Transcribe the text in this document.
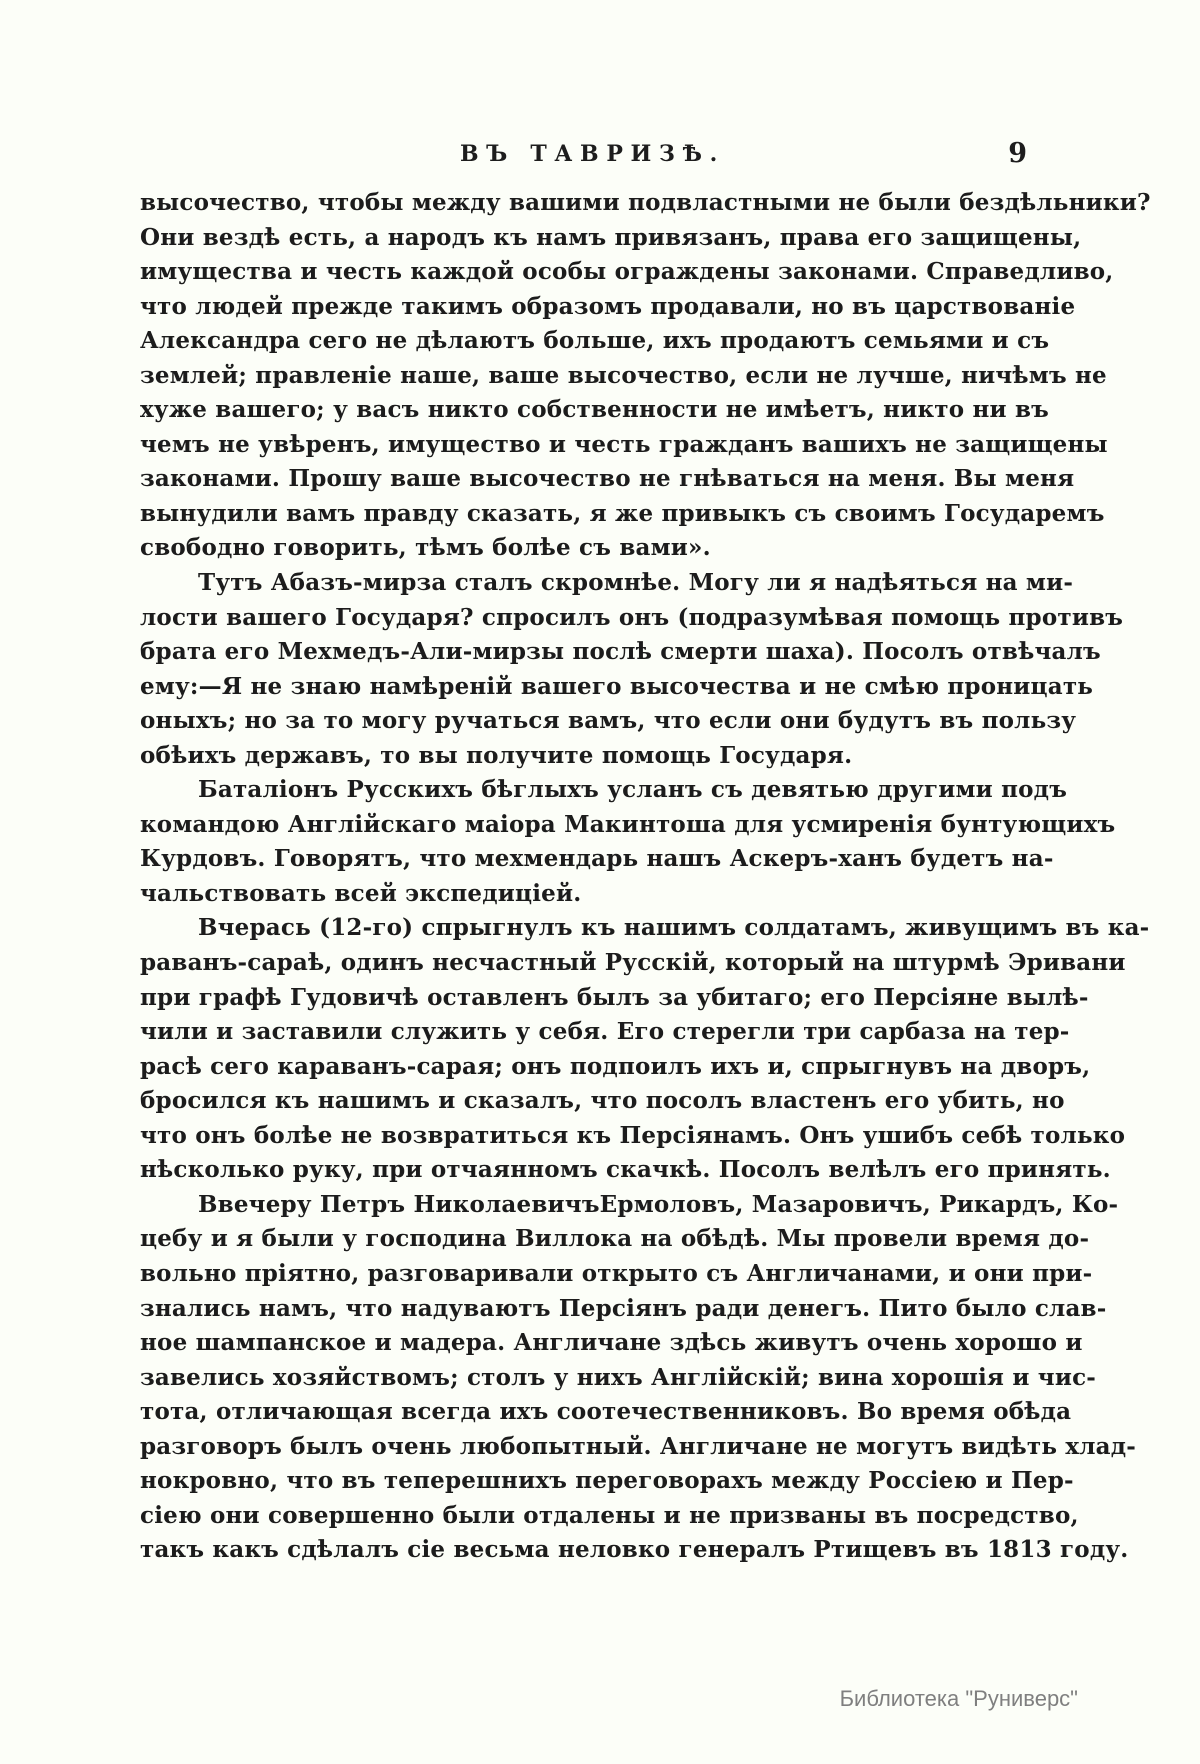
ВЪ ТАВРИЗѢ.	9
высочество, чтобы между вашими подвластными не были бездѣльники?
Они вездѣ есть, а народъ къ намъ привязанъ, права его защищены,
имущества и честь каждой особы ограждены законами. Справедливо,
что людей прежде такимъ образомъ продавали, но въ царствованіе
Александра сего не дѣлаютъ больше, ихъ продаютъ семьями и съ
землей; правленіе наше, ваше высочество, если не лучше, ничѣмъ не
хуже вашего; у васъ никто собственности не имѣетъ, никто ни въ
чемъ не увѣренъ, имущество и честь гражданъ вашихъ не защищены
законами. Прошу ваше высочество не гнѣваться на меня. Вы меня
вынудили вамъ правду сказать, я же привыкъ съ своимъ Государемъ
свободно говорить, тѣмъ болѣе съ вами».
Тутъ Абазъ-мирза сталъ скромнѣе. Могу ли я надѣяться на ми-
лости вашего Государя? спросилъ онъ (подразумѣвая помощь противъ
брата его Мехмедъ-Али-мирзы послѣ смерти шаха). Посолъ отвѣчалъ
ему:—Я не знаю намѣреній вашего высочества и не смѣю проницать
оныхъ; но за то могу ручаться вамъ, что если они будутъ въ пользу
обѣихъ державъ, то вы получите помощь Государя.
Баталіонъ Русскихъ бѣглыхъ усланъ съ девятью другими подъ
командою Англійскаго маіора Макинтоша для усмиренія бунтующихъ
Курдовъ. Говорятъ, что мехмендарь нашъ Аскеръ-ханъ будетъ на-
чальствовать всей экспедиціей.
Вчерась (12-го) спрыгнулъ къ нашимъ солдатамъ, живущимъ въ ка-
раванъ-сараѣ, одинъ несчастный Русскій, который на штурмѣ Эривани
при графѣ Гудовичѣ оставленъ былъ за убитаго; его Персіяне вылѣ-
чили и заставили служить у себя. Его стерегли три сарбаза на тер-
расѣ сего караванъ-сарая; онъ подпоилъ ихъ и, спрыгнувъ на дворъ,
бросился къ нашимъ и сказалъ, что посолъ властенъ его убить, но
что онъ болѣе не возвратиться къ Персіянамъ. Онъ ушибъ себѣ только
нѣсколько руку, при отчаянномъ скачкѣ. Посолъ велѣлъ его принять.
Ввечеру Петръ НиколаевичъЕрмоловъ, Мазаровичъ, Рикардъ, Ко-
цебу и я были у господина Виллока на обѣдѣ. Мы провели время до-
вольно пріятно, разговаривали открыто съ Англичанами, и они при-
знались намъ, что надуваютъ Персіянъ ради денегъ. Пито было слав-
ное шампанское и мадера. Англичане здѣсь живутъ очень хорошо и
завелись хозяйствомъ; столъ у нихъ Англійскій; вина хорошія и чис-
тота, отличающая всегда ихъ соотечественниковъ. Во время обѣда
разговоръ былъ очень любопытный. Англичане не могутъ видѣть хлад-
нокровно, что въ теперешнихъ переговорахъ между Россіею и Пер-
сіею они совершенно были отдалены и не призваны въ посредство,
такъ какъ сдѣлалъ сіе весьма неловко генералъ Ртищевъ въ 1813 году.
Библиотека "Руниверс"
